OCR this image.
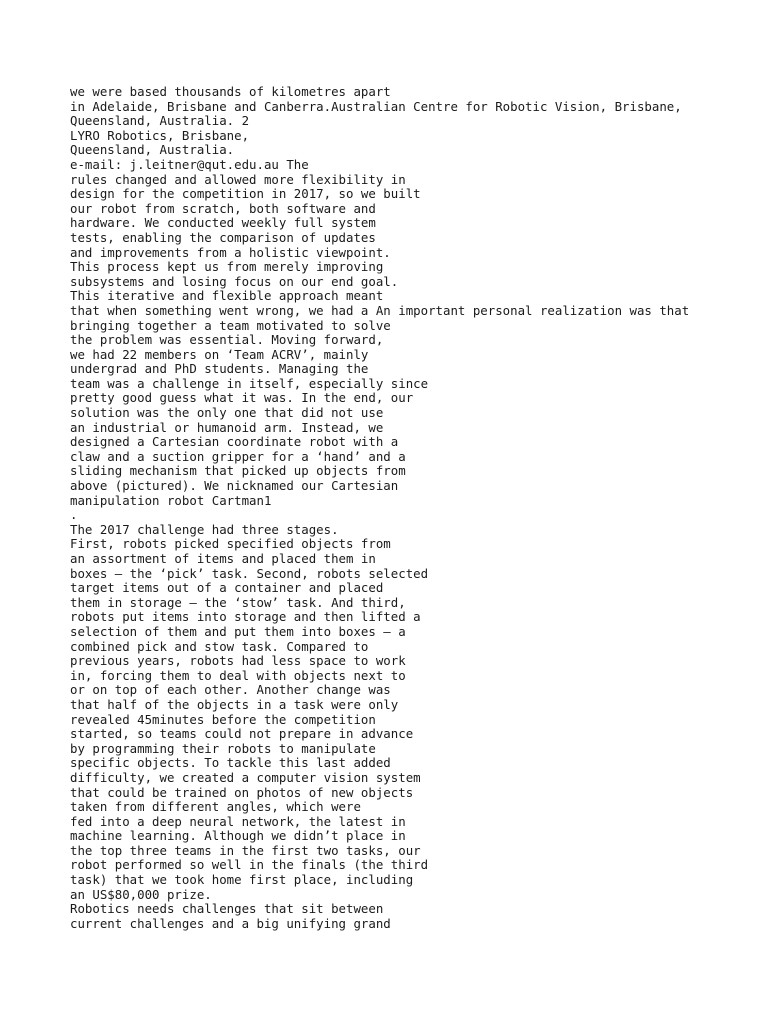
we were based thousands of kilometres apart
in Adelaide, Brisbane and Canberra.Australian Centre for Robotic Vision, Brisbane,
Queensland, Australia. 2
LYRO Robotics, Brisbane,
Queensland, Australia.
e-mail: j.leitner@qut.edu.au The
rules changed and allowed more flexibility in
design for the competition in 2017, so we built
our robot from scratch, both software and
hardware. We conducted weekly full system
tests, enabling the comparison of updates
and improvements from a holistic viewpoint.
This process kept us from merely improving
subsystems and losing focus on our end goal.
This iterative and flexible approach meant
that when something went wrong, we had a An important personal realization was that
bringing together a team motivated to solve
the problem was essential. Moving forward,
we had 22 members on ‘Team ACRV’, mainly
undergrad and PhD students. Managing the
team was a challenge in itself, especially since
pretty good guess what it was. In the end, our
solution was the only one that did not use
an industrial or humanoid arm. Instead, we
designed a Cartesian coordinate robot with a
claw and a suction gripper for a ‘hand’ and a
sliding mechanism that picked up objects from
above (pictured). We nicknamed our Cartesian
manipulation robot Cartman1
.
The 2017 challenge had three stages.
First, robots picked specified objects from
an assortment of items and placed them in
boxes — the ‘pick’ task. Second, robots selected
target items out of a container and placed
them in storage — the ‘stow’ task. And third,
robots put items into storage and then lifted a
selection of them and put them into boxes — a
combined pick and stow task. Compared to
previous years, robots had less space to work
in, forcing them to deal with objects next to
or on top of each other. Another change was
that half of the objects in a task were only
revealed 45minutes before the competition
started, so teams could not prepare in advance
by programming their robots to manipulate
specific objects. To tackle this last added
difficulty, we created a computer vision system
that could be trained on photos of new objects
taken from different angles, which were
fed into a deep neural network, the latest in
machine learning. Although we didn’t place in
the top three teams in the first two tasks, our
robot performed so well in the finals (the third
task) that we took home first place, including
an US$80,000 prize.
Robotics needs challenges that sit between
current challenges and a big unifying grand
